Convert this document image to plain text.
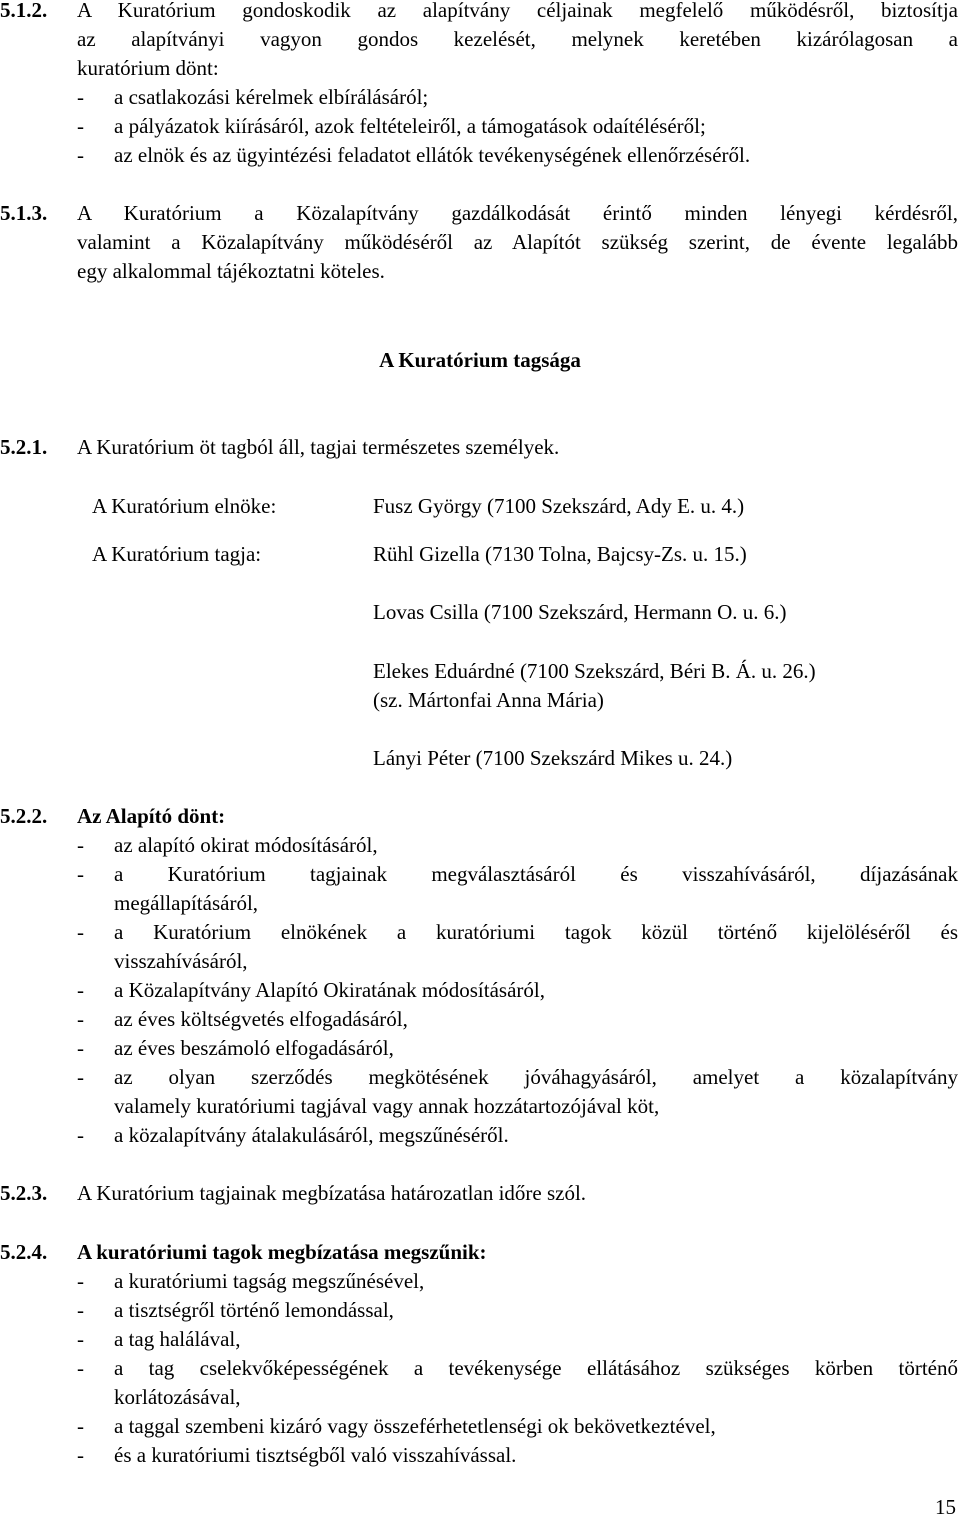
5.1.2. A Kuratórium gondoskodik az alapítvány céljainak megfelelő működésről, biztosítja
az alapítványi vagyon gondos kezelését, melynek keretében kizárólagosan a
kuratórium dönt:
- a csatlakozási kérelmek elbírálásáról;
- a pályázatok kiírásáról, azok feltételeiről, a támogatások odaítéléséről;
- az elnök és az ügyintézési feladatot ellátók tevékenységének ellenőrzéséről.
5.1.3. A Kuratórium a Közalapítvány gazdálkodását érintő minden lényegi kérdésről,
valamint a Közalapítvány működéséről az Alapítót szükség szerint, de évente legalább
egy alkalommal tájékoztatni köteles.
A Kuratórium tagsága
5.2.1. A Kuratórium öt tagból áll, tagjai természetes személyek.
A Kuratórium elnöke:	Fusz György (7100 Szekszárd, Ady E. u. 4.)
A Kuratórium tagja:	Rühl Gizella (7130 Tolna, Bajcsy-Zs. u. 15.)
Lovas Csilla (7100 Szekszárd, Hermann O. u. 6.)
Elekes Eduárdné (7100 Szekszárd, Béri B. Á. u. 26.)
(sz. Mártonfai Anna Mária)
Lányi Péter (7100 Szekszárd Mikes u. 24.)
5.2.2. Az Alapító dönt:
- az alapító okirat módosításáról,
- a Kuratórium tagjainak megválasztásáról és visszahívásáról, díjazásának
megállapításáról,
- a Kuratórium elnökének a kuratóriumi tagok közül történő kijelöléséről és
visszahívásáról,
- a Közalapítvány Alapító Okiratának módosításáról,
- az éves költségvetés elfogadásáról,
- az éves beszámoló elfogadásáról,
- az olyan szerződés megkötésének jóváhagyásáról, amelyet a közalapítvány
valamely kuratóriumi tagjával vagy annak hozzátartozójával köt,
- a közalapítvány átalakulásáról, megszűnéséről.
5.2.3. A Kuratórium tagjainak megbízatása határozatlan időre szól.
5.2.4. A kuratóriumi tagok megbízatása megszűnik:
- a kuratóriumi tagság megszűnésével,
- a tisztségről történő lemondással,
- a tag halálával,
- a tag cselekvőképességének a tevékenysége ellátásához szükséges körben történő
korlátozásával,
- a taggal szembeni kizáró vagy összeférhetetlenségi ok bekövetkeztével,
- és a kuratóriumi tisztségből való visszahívással.
15
